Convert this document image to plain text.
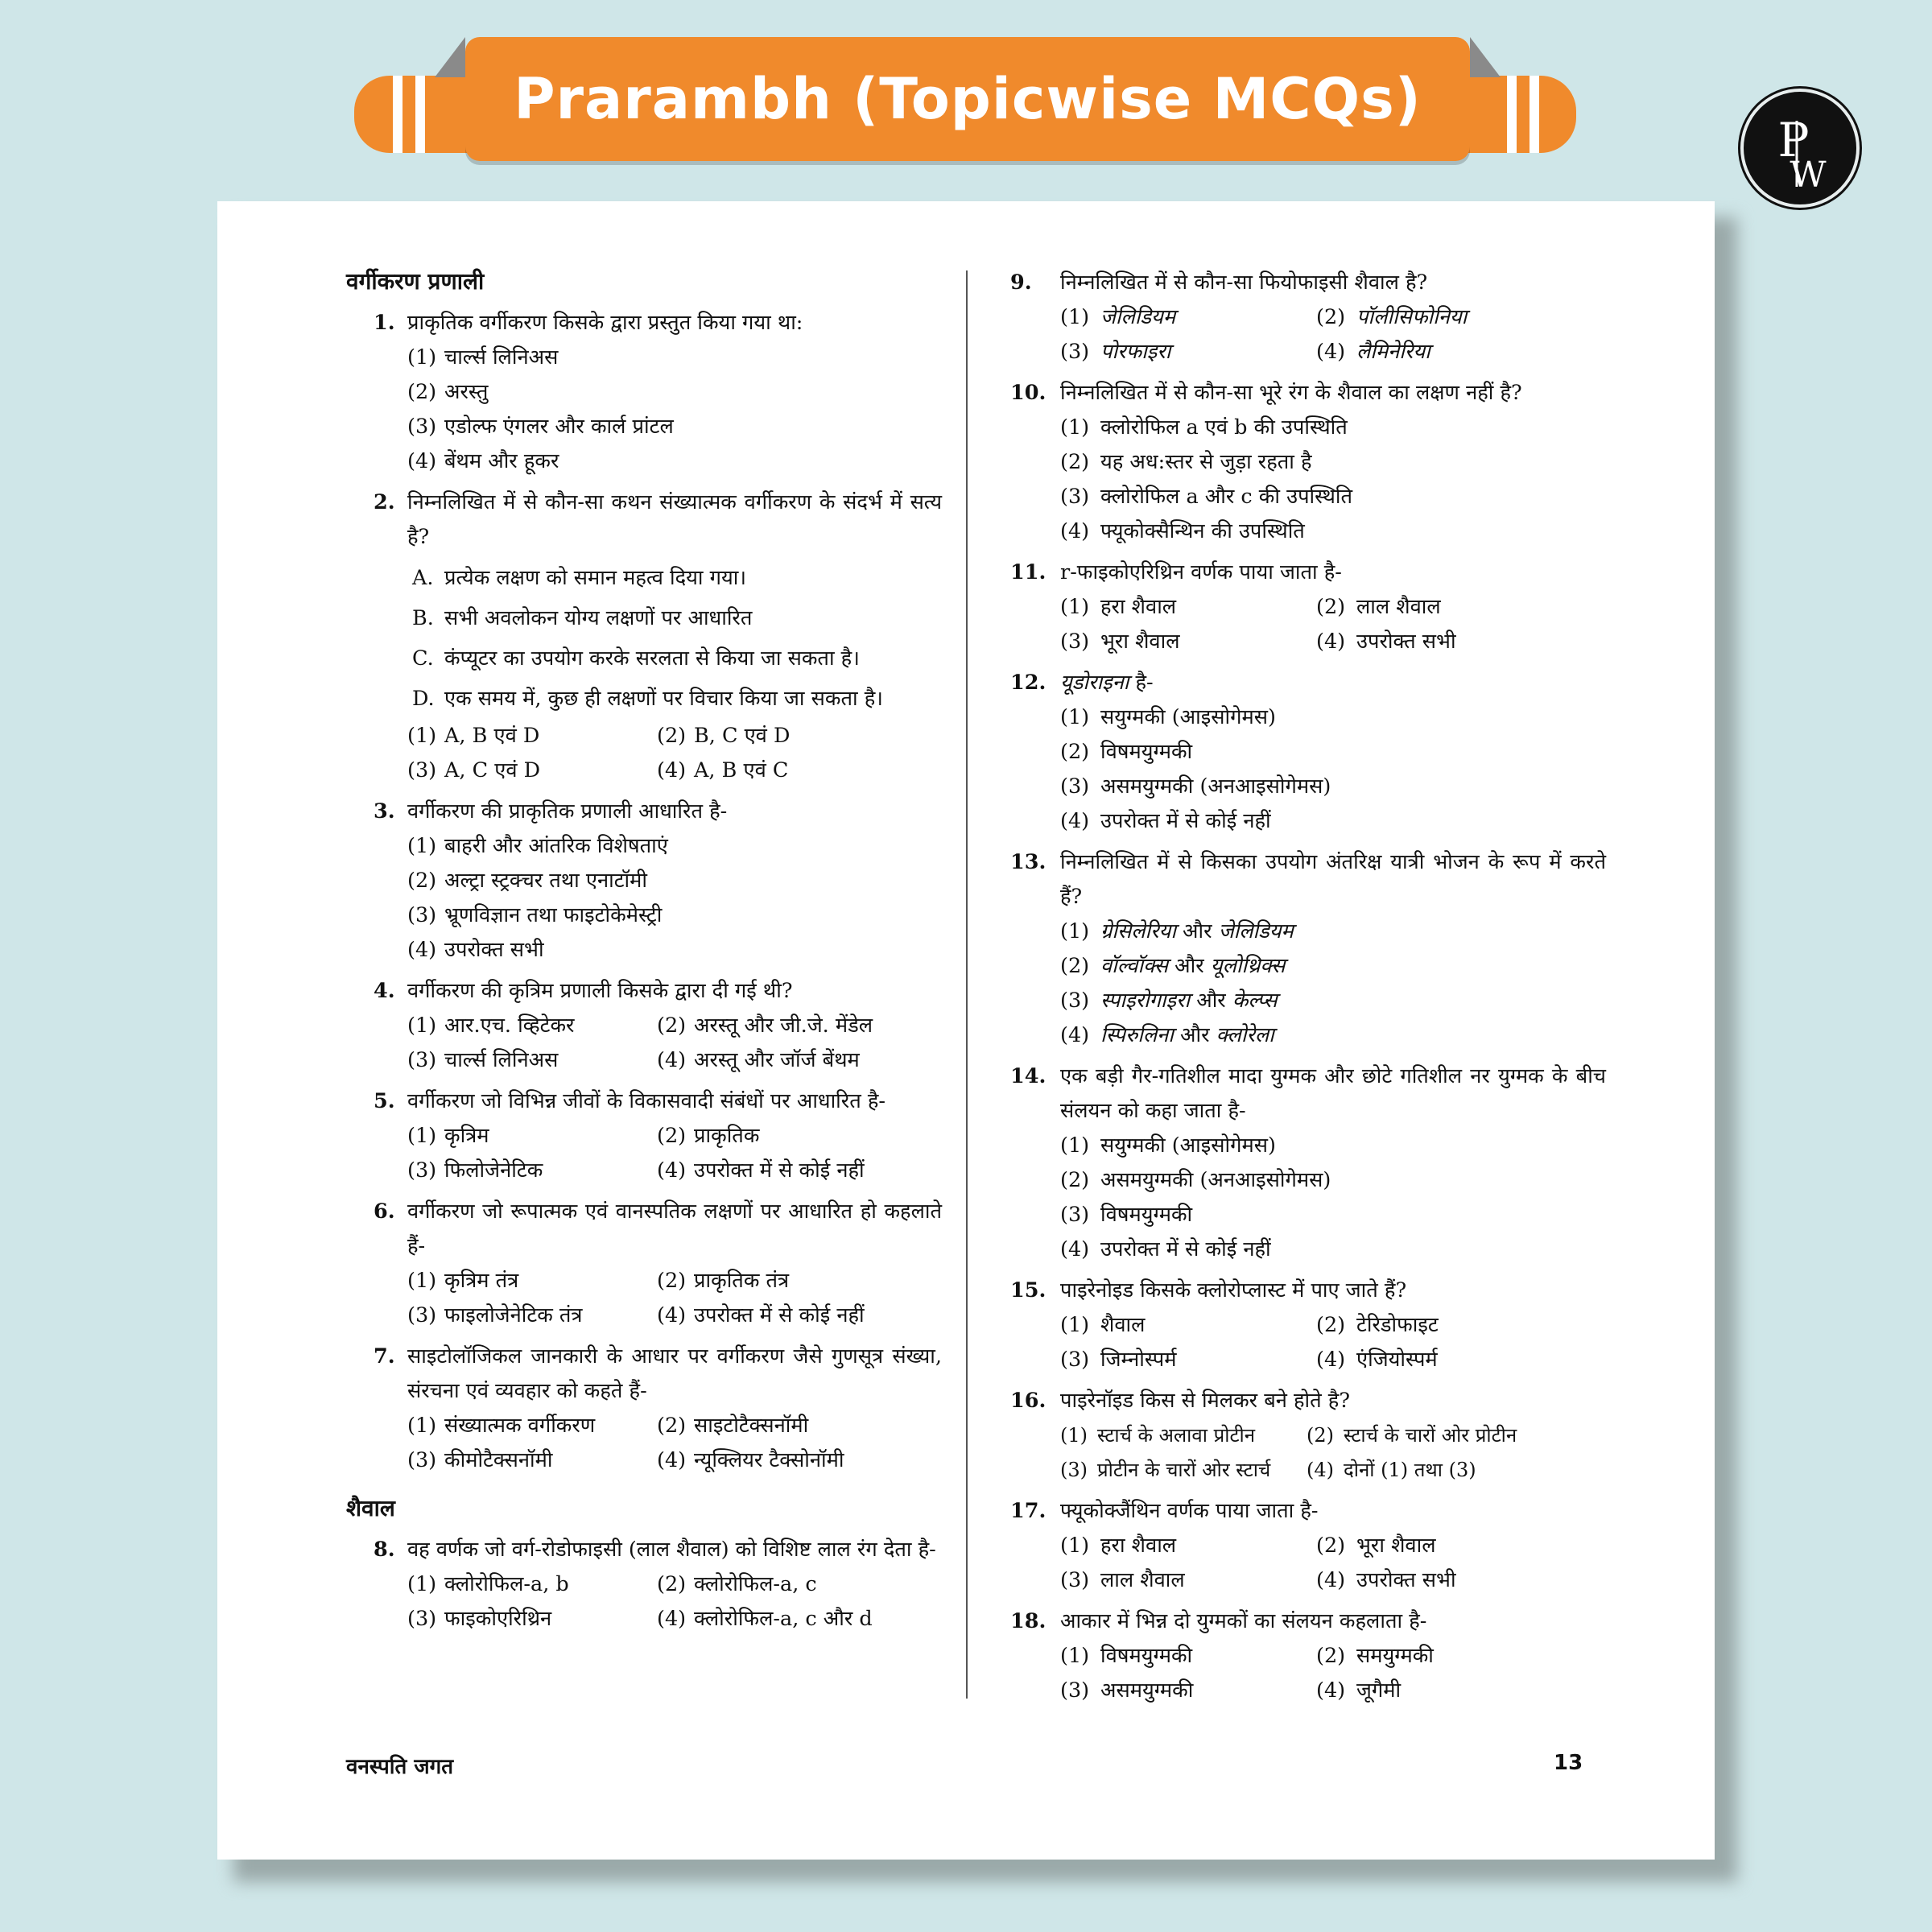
Prarambh (Topicwise MCQs)
P
W
वर्गीकरण प्रणाली
1. प्राकृतिक वर्गीकरण किसके द्वारा प्रस्तुत किया गया था:
(1) चार्ल्स लिनिअस
(2) अरस्तु
(3) एडोल्फ एंगलर और कार्ल प्रांटल
(4) बेंथम और हूकर
2. निम्नलिखित में से कौन-सा कथन संख्यात्मक वर्गीकरण के संदर्भ में सत्य है?
A. प्रत्येक लक्षण को समान महत्व दिया गया।
B. सभी अवलोकन योग्य लक्षणों पर आधारित
C. कंप्यूटर का उपयोग करके सरलता से किया जा सकता है।
D. एक समय में, कुछ ही लक्षणों पर विचार किया जा सकता है।
(1) A, B एवं D	(2) B, C एवं D
(3) A, C एवं D	(4) A, B एवं C
3. वर्गीकरण की प्राकृतिक प्रणाली आधारित है-
(1) बाहरी और आंतरिक विशेषताएं
(2) अल्ट्रा स्ट्रक्चर तथा एनाटॉमी
(3) भ्रूणविज्ञान तथा फाइटोकेमेस्ट्री
(4) उपरोक्त सभी
4. वर्गीकरण की कृत्रिम प्रणाली किसके द्वारा दी गई थी?
(1) आर.एच. व्हिटेकर	(2) अरस्तू और जी.जे. मेंडेल
(3) चार्ल्स लिनिअस	(4) अरस्तू और जॉर्ज बेंथम
5. वर्गीकरण जो विभिन्न जीवों के विकासवादी संबंधों पर आधारित है-
(1) कृत्रिम	(2) प्राकृतिक
(3) फिलोजेनेटिक	(4) उपरोक्त में से कोई नहीं
6. वर्गीकरण जो रूपात्मक एवं वानस्पतिक लक्षणों पर आधारित हो कहलाते हैं-
(1) कृत्रिम तंत्र	(2) प्राकृतिक तंत्र
(3) फाइलोजेनेटिक तंत्र	(4) उपरोक्त में से कोई नहीं
7. साइटोलॉजिकल जानकारी के आधार पर वर्गीकरण जैसे गुणसूत्र संख्या, संरचना एवं व्यवहार को कहते हैं-
(1) संख्यात्मक वर्गीकरण	(2) साइटोटैक्सनॉमी
(3) कीमोटैक्सनॉमी	(4) न्यूक्लियर टैक्सोनॉमी
शैवाल
8. वह वर्णक जो वर्ग-रोडोफाइसी (लाल शैवाल) को विशिष्ट लाल रंग देता है-
(1) क्लोरोफिल-a, b	(2) क्लोरोफिल-a, c
(3) फाइकोएरिथ्रिन	(4) क्लोरोफिल-a, c और d
9.	निम्नलिखित में से कौन-सा फियोफाइसी शैवाल है?
(1) जेलिडियम	(2) पॉलीसिफोनिया
(3) पोरफाइरा	(4) लैमिनेरिया
10. निम्नलिखित में से कौन-सा भूरे रंग के शैवाल का लक्षण नहीं है?
(1) क्लोरोफिल a एवं b की उपस्थिति
(2) यह अध:स्तर से जुड़ा रहता है
(3) क्लोरोफिल a और c की उपस्थिति
(4) फ्यूकोक्सैन्थिन की उपस्थिति
11. r-फाइकोएरिथ्रिन वर्णक पाया जाता है-
(1) हरा शैवाल	(2) लाल शैवाल
(3) भूरा शैवाल	(4) उपरोक्त सभी
12. यूडोराइना है-
(1) सयुग्मकी (आइसोगेमस)
(2) विषमयुग्मकी
(3) असमयुग्मकी (अनआइसोगेमस)
(4) उपरोक्त में से कोई नहीं
13. निम्नलिखित में से किसका उपयोग अंतरिक्ष यात्री भोजन के रूप में करते हैं?
(1) ग्रेसिलेरिया और जेलिडियम
(2) वॉल्वॉक्स और यूलोथ्रिक्स
(3) स्पाइरोगाइरा और केल्प्स
(4) स्पिरुलिना और क्लोरेला
14. एक बड़ी गैर-गतिशील मादा युग्मक और छोटे गतिशील नर युग्मक के बीच संलयन को कहा जाता है-
(1) सयुग्मकी (आइसोगेमस)
(2) असमयुग्मकी (अनआइसोगेमस)
(3) विषमयुग्मकी
(4) उपरोक्त में से कोई नहीं
15. पाइरेनोइड किसके क्लोरोप्लास्ट में पाए जाते हैं?
(1) शैवाल	(2) टेरिडोफाइट
(3) जिम्नोस्पर्म	(4) एंजियोस्पर्म
16. पाइरेनॉइड किस से मिलकर बने होते है?
(1) स्टार्च के अलावा प्रोटीन	(2) स्टार्च के चारों ओर प्रोटीन
(3) प्रोटीन के चारों ओर स्टार्च (4) दोनों (1) तथा (3)
17. फ्यूकोक्जैंथिन वर्णक पाया जाता है-
(1) हरा शैवाल	(2) भूरा शैवाल
(3) लाल शैवाल	(4) उपरोक्त सभी
18. आकार में भिन्न दो युग्मकों का संलयन कहलाता है-
(1) विषमयुग्मकी	(2) समयुग्मकी
(3) असमयुग्मकी	(4) जूगैमी
वनस्पति जगत	13
